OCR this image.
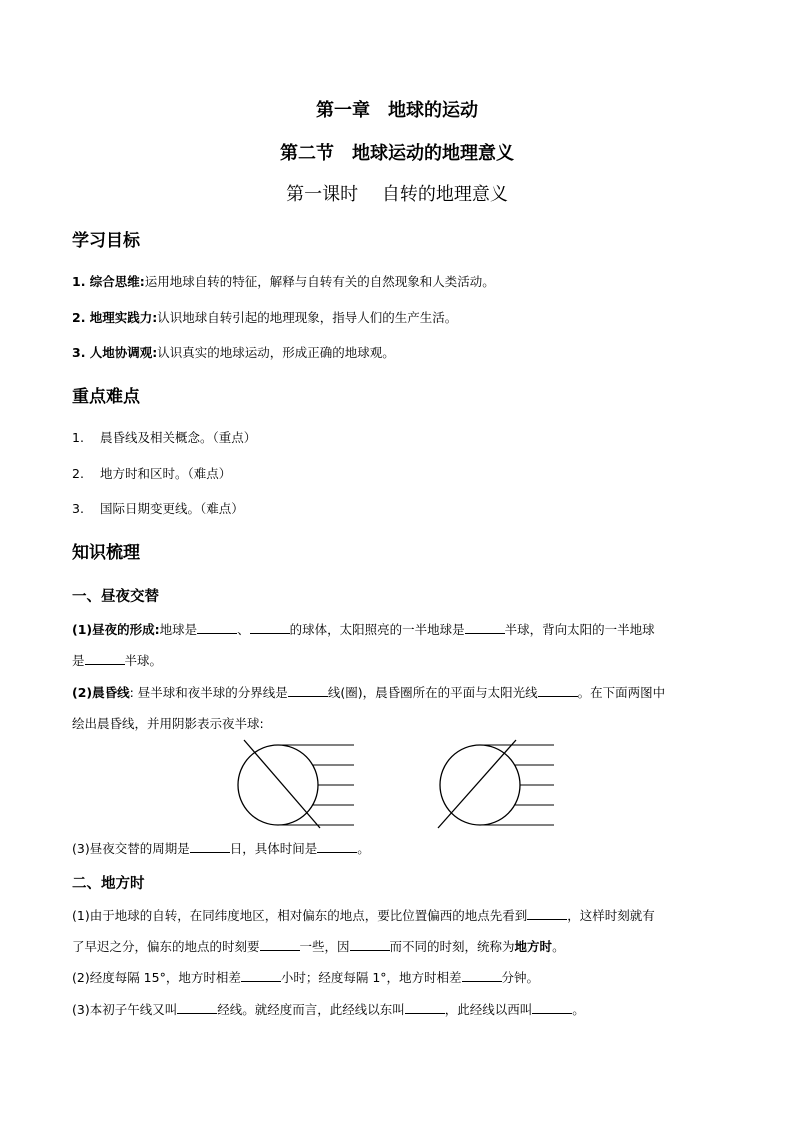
第一章　地球的运动
第二节　地球运动的地理意义
第一课时　 自转的地理意义
学习目标
1. 综合思维:运用地球自转的特征，解释与自转有关的自然现象和人类活动。
2. 地理实践力:认识地球自转引起的地理现象，指导人们的生产生活。
3. 人地协调观:认识真实的地球运动，形成正确的地球观。
重点难点
1. 晨昏线及相关概念。（重点）
2. 地方时和区时。（难点）
3. 国际日期变更线。（难点）
知识梳理
一、昼夜交替
(1)昼夜的形成:地球是	、	的球体，太阳照亮的一半地球是	半球，背向太阳的一半地球
是	半球。
(2)晨昏线: 昼半球和夜半球的分界线是	线(圈)，晨昏圈所在的平面与太阳光线	。在下面两图中
绘出晨昏线，并用阴影表示夜半球:
(3)昼夜交替的周期是	日，具体时间是	。
二、地方时
(1)由于地球的自转，在同纬度地区，相对偏东的地点，要比位置偏西的地点先看到	，这样时刻就有
了早迟之分，偏东的地点的时刻要	一些，因	而不同的时刻，统称为地方时。
(2)经度每隔 15°，地方时相差	小时；经度每隔 1°，地方时相差	分钟。
(3)本初子午线又叫	经线。就经度而言，此经线以东叫	，此经线以西叫	。
